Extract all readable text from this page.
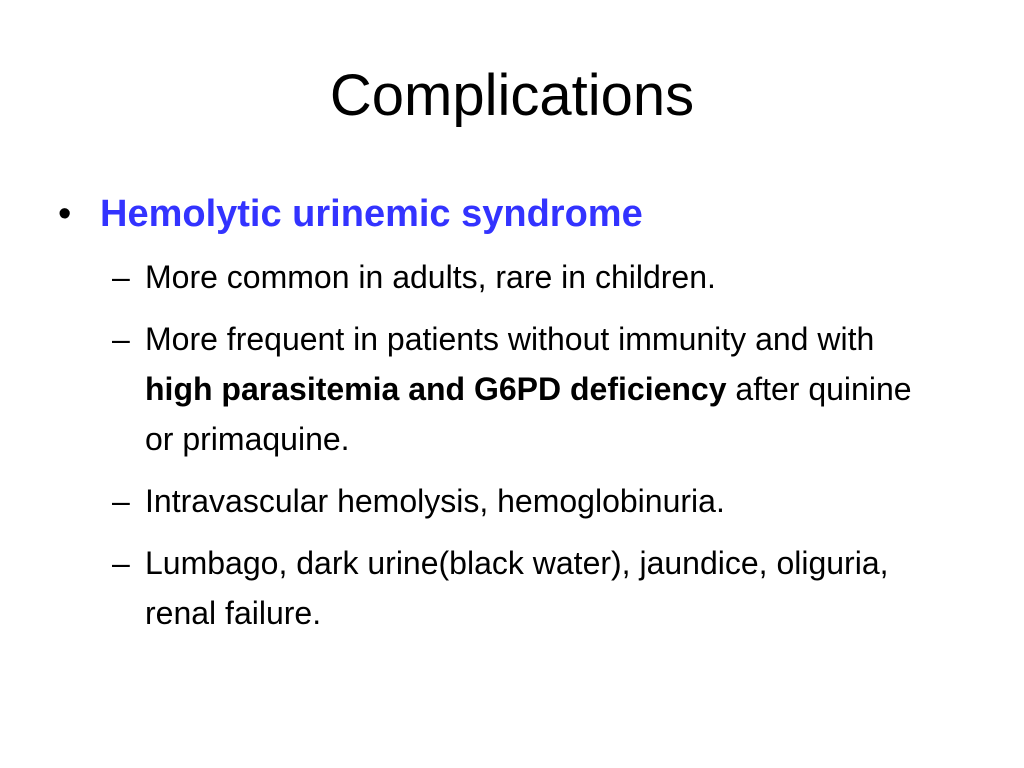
Complications
• Hemolytic urinemic syndrome
– More common in adults, rare in children.
– More frequent in patients without immunity and with high parasitemia and G6PD deficiency after quinine or primaquine.
– Intravascular hemolysis, hemoglobinuria.
– Lumbago, dark urine(black water), jaundice, oliguria, renal failure.
